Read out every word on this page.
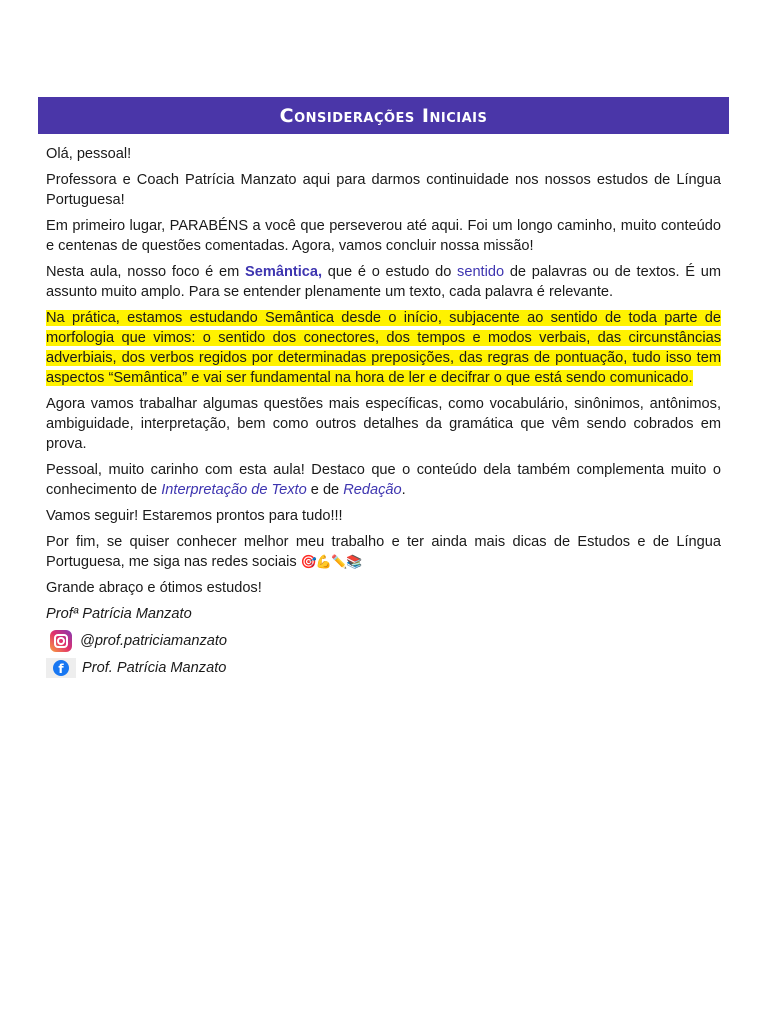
Considerações Iniciais

Olá, pessoal!

Professora e Coach Patrícia Manzato aqui para darmos continuidade nos nossos estudos de Língua Portuguesa!

Em primeiro lugar, PARABÉNS a você que perseverou até aqui. Foi um longo caminho, muito conteúdo e centenas de questões comentadas. Agora, vamos concluir nossa missão!

Nesta aula, nosso foco é em Semântica, que é o estudo do sentido de palavras ou de textos. É um assunto muito amplo. Para se entender plenamente um texto, cada palavra é relevante.

Na prática, estamos estudando Semântica desde o início, subjacente ao sentido de toda parte de morfologia que vimos: o sentido dos conectores, dos tempos e modos verbais, das circunstâncias adverbiais, dos verbos regidos por determinadas preposições, das regras de pontuação, tudo isso tem aspectos “Semântica” e vai ser fundamental na hora de ler e decifrar o que está sendo comunicado.

Agora vamos trabalhar algumas questões mais específicas, como vocabulário, sinônimos, antônimos, ambiguidade, interpretação, bem como outros detalhes da gramática que vêm sendo cobrados em prova.

Pessoal, muito carinho com esta aula! Destaco que o conteúdo dela também complementa muito o conhecimento de Interpretação de Texto e de Redação.

Vamos seguir! Estaremos prontos para tudo!!!

Por fim, se quiser conhecer melhor meu trabalho e ter ainda mais dicas de Estudos e de Língua Portuguesa, me siga nas redes sociais 🎯💪✏️📚

Grande abraço e ótimos estudos!

Profª Patrícia Manzato

@prof.patriciamanzato
f	Prof. Patrícia Manzato
